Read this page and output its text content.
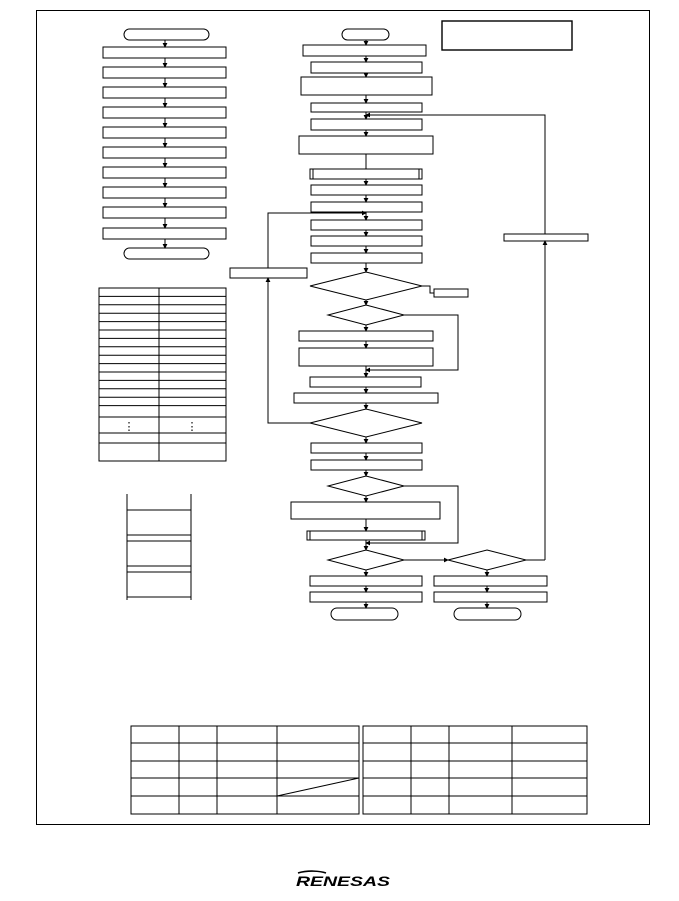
⋮	⋮
RENESAS
